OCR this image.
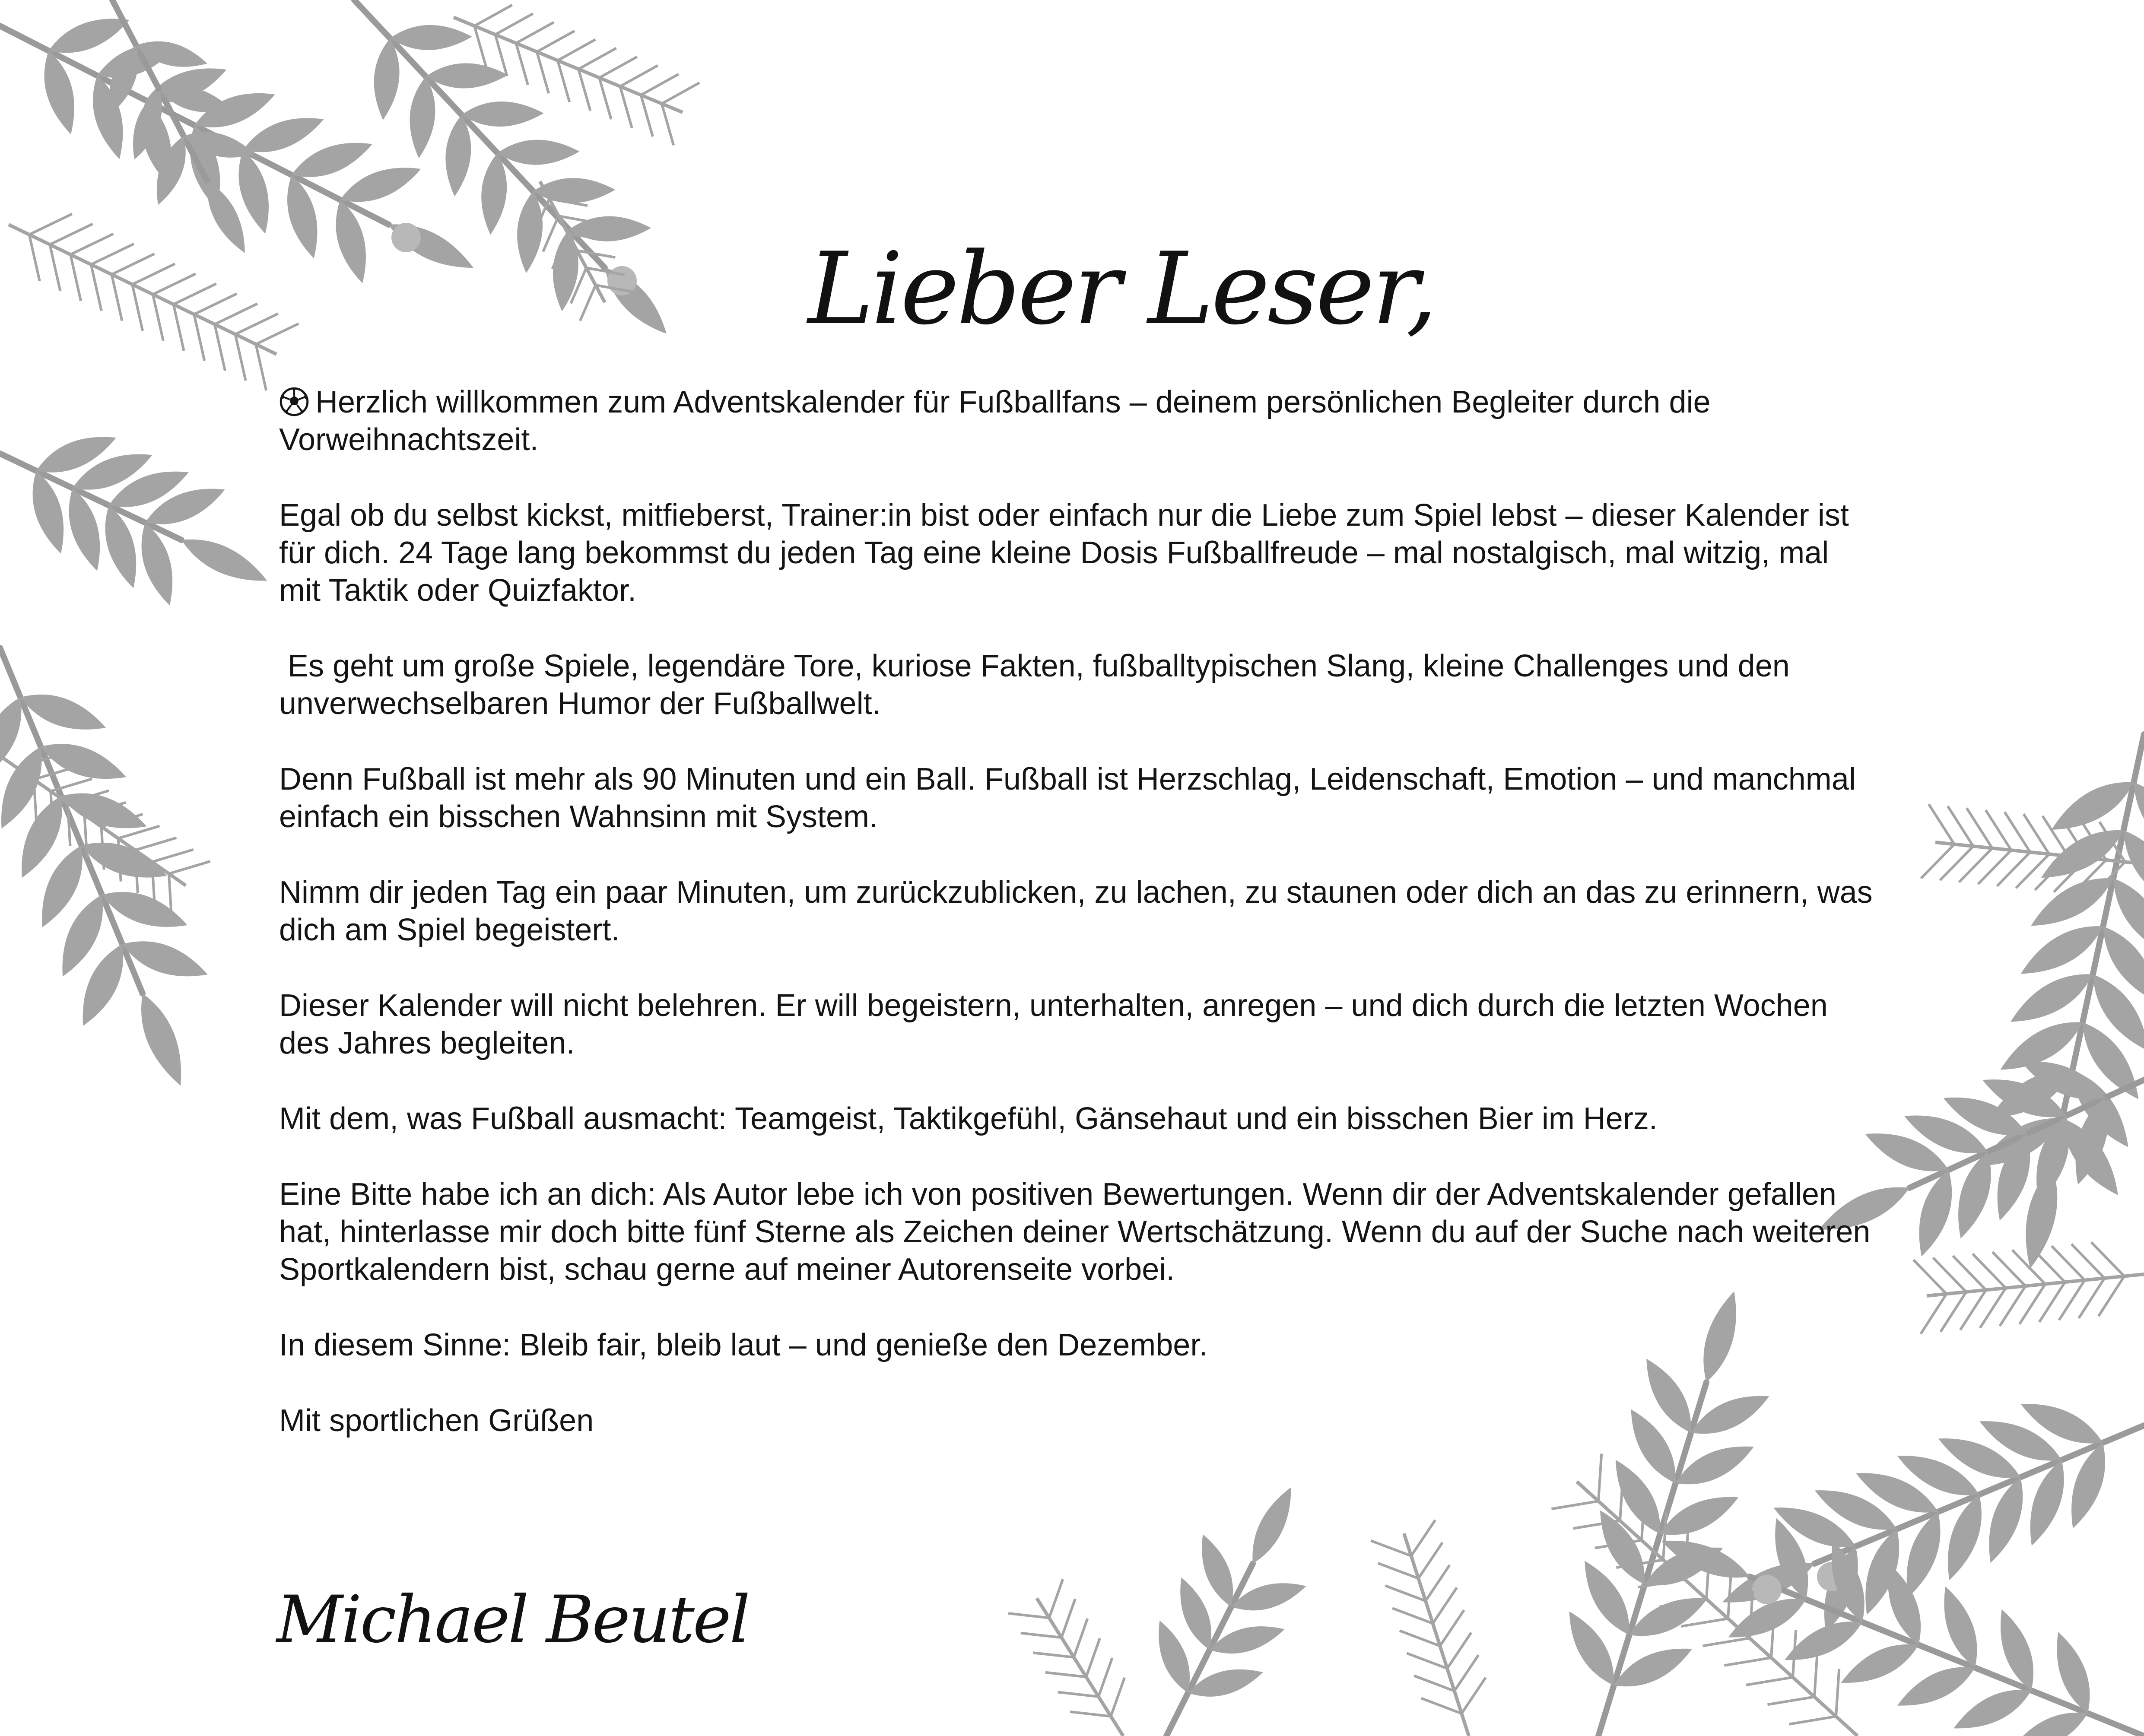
Lieber Leser,

Herzlich willkommen zum Adventskalender für Fußballfans – deinem persönlichen Begleiter durch die Vorweihnachtszeit.

Egal ob du selbst kickst, mitfieberst, Trainer:in bist oder einfach nur die Liebe zum Spiel lebst – dieser Kalender ist für dich. 24 Tage lang bekommst du jeden Tag eine kleine Dosis Fußballfreude – mal nostalgisch, mal witzig, mal mit Taktik oder Quizfaktor.

Es geht um große Spiele, legendäre Tore, kuriose Fakten, fußballtypischen Slang, kleine Challenges und den unverwechselbaren Humor der Fußballwelt.

Denn Fußball ist mehr als 90 Minuten und ein Ball. Fußball ist Herzschlag, Leidenschaft, Emotion – und manchmal einfach ein bisschen Wahnsinn mit System.

Nimm dir jeden Tag ein paar Minuten, um zurückzublicken, zu lachen, zu staunen oder dich an das zu erinnern, was dich am Spiel begeistert.

Dieser Kalender will nicht belehren. Er will begeistern, unterhalten, anregen – und dich durch die letzten Wochen des Jahres begleiten.

Mit dem, was Fußball ausmacht: Teamgeist, Taktikgefühl, Gänsehaut und ein bisschen Bier im Herz.

Eine Bitte habe ich an dich: Als Autor lebe ich von positiven Bewertungen. Wenn dir der Adventskalender gefallen hat, hinterlasse mir doch bitte fünf Sterne als Zeichen deiner Wertschätzung. Wenn du auf der Suche nach weiteren Sportkalendern bist, schau gerne auf meiner Autorenseite vorbei.

In diesem Sinne: Bleib fair, bleib laut – und genieße den Dezember.

Mit sportlichen Grüßen

Michael Beutel
